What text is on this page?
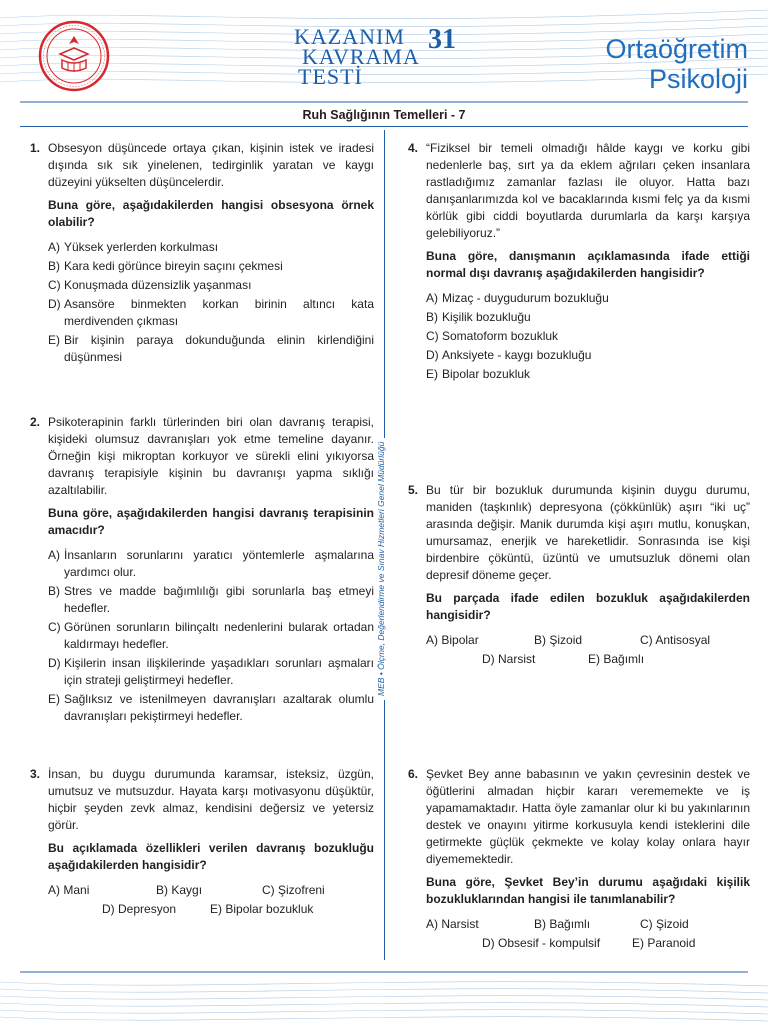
KAZANIM
KAVRAMA
TESTİ
31	Ortaöğretim
Psikoloji
Ruh Sağlığının Temelleri - 7
MEB • Ölçme, Değerlendirme ve Sınav Hizmetleri Genel Müdürlüğü
1. Obsesyon düşüncede ortaya çıkan, kişinin istek ve iradesi dışında sık sık yinelenen, tedirginlik yaratan ve kaygı düzeyini yükselten düşüncelerdir.

Buna göre, aşağıdakilerden hangisi obsesyona örnek olabilir?

A) Yüksek yerlerden korkulması
B) Kara kedi görünce bireyin saçını çekmesi
C) Konuşmada düzensizlik yaşanması
D) Asansöre binmekten korkan birinin altıncı kata merdivenden çıkması
E) Bir kişinin paraya dokunduğunda elinin kirlendiğini düşünmesi
2. Psikoterapinin farklı türlerinden biri olan davranış terapisi, kişideki olumsuz davranışları yok etme temeline dayanır. Örneğin kişi mikroptan korkuyor ve sürekli elini yıkıyorsa davranış terapisiyle kişinin bu davranışı yapma sıklığı azaltılabilir.

Buna göre, aşağıdakilerden hangisi davranış terapisinin amacıdır?

A) İnsanların sorunlarını yaratıcı yöntemlerle aşmalarına yardımcı olur.
B) Stres ve madde bağımlılığı gibi sorunlarla baş etmeyi hedefler.
C) Görünen sorunların bilinçaltı nedenlerini bularak ortadan kaldırmayı hedefler.
D) Kişilerin insan ilişkilerinde yaşadıkları sorunları aşmaları için strateji geliştirmeyi hedefler.
E) Sağlıksız ve istenilmeyen davranışları azaltarak olumlu davranışları pekiştirmeyi hedefler.
3. İnsan, bu duygu durumunda karamsar, isteksiz, üzgün, umutsuz ve mutsuzdur. Hayata karşı motivasyonu düşüktür, hiçbir şeyden zevk almaz, kendisini değersiz ve yetersiz görür.

Bu açıklamada özellikleri verilen davranış bozukluğu aşağıdakilerden hangisidir?

A) Mani	B) Kaygı	C) Şizofreni
D) Depresyon	E) Bipolar bozukluk
4. “Fiziksel bir temeli olmadığı hâlde kaygı ve korku gibi nedenlerle baş, sırt ya da eklem ağrıları çeken insanlara rastladığımız zamanlar fazlası ile oluyor. Hatta bazı danışanlarımızda kol ve bacaklarında kısmi felç ya da kısmi körlük gibi ciddi boyutlarda durumlarla da karşı karşıya gelebiliyoruz.”

Buna göre, danışmanın açıklamasında ifade ettiği normal dışı davranış aşağıdakilerden hangisidir?

A) Mizaç - duygudurum bozukluğu
B) Kişilik bozukluğu
C) Somatoform bozukluk
D) Anksiyete - kaygı bozukluğu
E) Bipolar bozukluk
5. Bu tür bir bozukluk durumunda kişinin duygu durumu, maniden (taşkınlık) depresyona (çökkünlük) aşırı “iki uç” arasında değişir. Manik durumda kişi aşırı mutlu, konuşkan, umursamaz, enerjik ve hareketlidir. Sonrasında ise kişi birdenbire çöküntü, üzüntü ve umutsuzluk dönemi olan depresif döneme geçer.

Bu parçada ifade edilen bozukluk aşağıdakilerden hangisidir?

A) Bipolar	B) Şizoid	C) Antisosyal
D) Narsist	E) Bağımlı
6. Şevket Bey anne babasının ve yakın çevresinin destek ve öğütlerini almadan hiçbir kararı verememekte ve iş yapamamaktadır. Hatta öyle zamanlar olur ki bu yakınlarının destek ve onayını yitirme korkusuyla kendi isteklerini dile getirmekte güçlük çekmekte ve kolay kolay onlara hayır diyememektedir.

Buna göre, Şevket Bey’in durumu aşağıdaki kişilik bozukluklarından hangisi ile tanımlanabilir?

A) Narsist	B) Bağımlı	C) Şizoid
D) Obsesif - kompulsif	E) Paranoid
